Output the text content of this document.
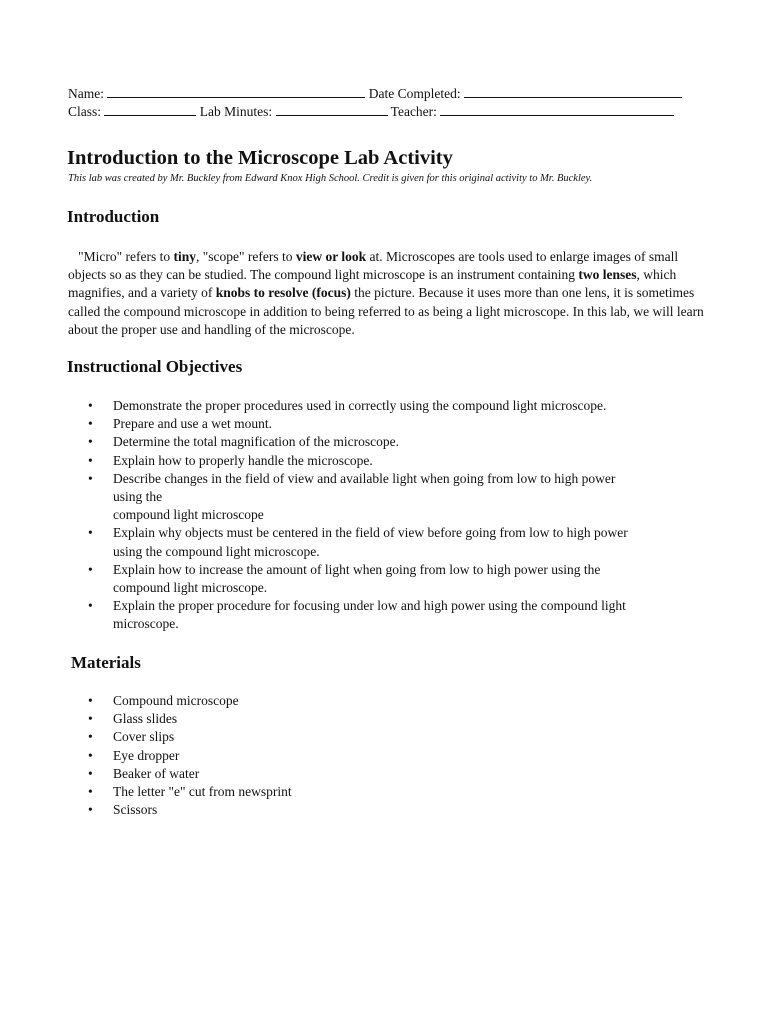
Name:	Date Completed:
Class:	Lab Minutes:	Teacher:
Introduction to the Microscope Lab Activity
This lab was created by Mr. Buckley from Edward Knox High School. Credit is given for this original activity to Mr. Buckley.
Introduction

"Micro" refers to tiny, "scope" refers to view or look at. Microscopes are tools used to enlarge images of small objects so as they can be studied. The compound light microscope is an instrument containing two lenses, which magnifies, and a variety of knobs to resolve (focus) the picture. Because it uses more than one lens, it is sometimes called the compound microscope in addition to being referred to as being a light microscope. In this lab, we will learn about the proper use and handling of the microscope.

Instructional Objectives
• Demonstrate the proper procedures used in correctly using the compound light microscope.
• Prepare and use a wet mount.
• Determine the total magnification of the microscope.
• Explain how to properly handle the microscope.
• Describe changes in the field of view and available light when going from low to high power
using the
compound light microscope
• Explain why objects must be centered in the field of view before going from low to high power
using the compound light microscope.
• Explain how to increase the amount of light when going from low to high power using the
compound light microscope.
• Explain the proper procedure for focusing under low and high power using the compound light
microscope.
Materials
• Compound microscope
• Glass slides
• Cover slips
• Eye dropper
• Beaker of water
• The letter "e" cut from newsprint
• Scissors
